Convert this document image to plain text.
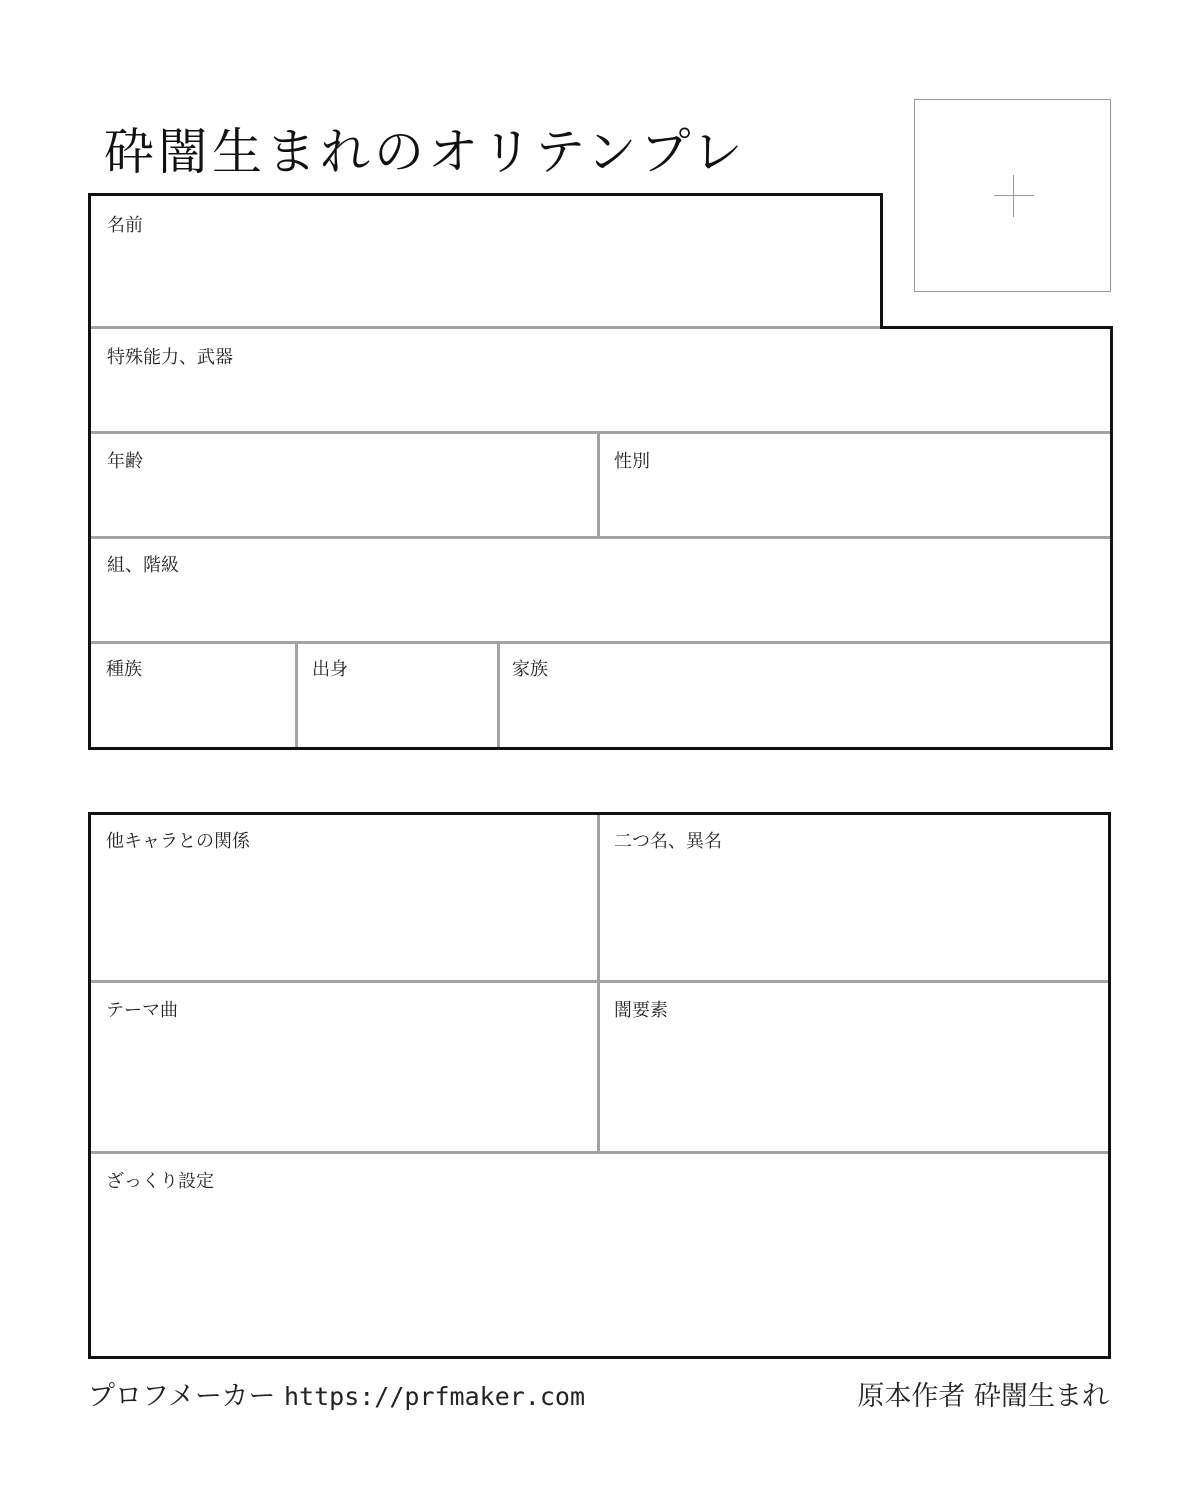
砕闇生まれのオリテンプレ
名前
特殊能力、武器
年齢	性別
組、階級
種族	出身	家族
他キャラとの関係	二つ名、異名
テーマ曲	闇要素
ざっくり設定
プロフメーカー https://prfmaker.com	原本作者 砕闇生まれ
